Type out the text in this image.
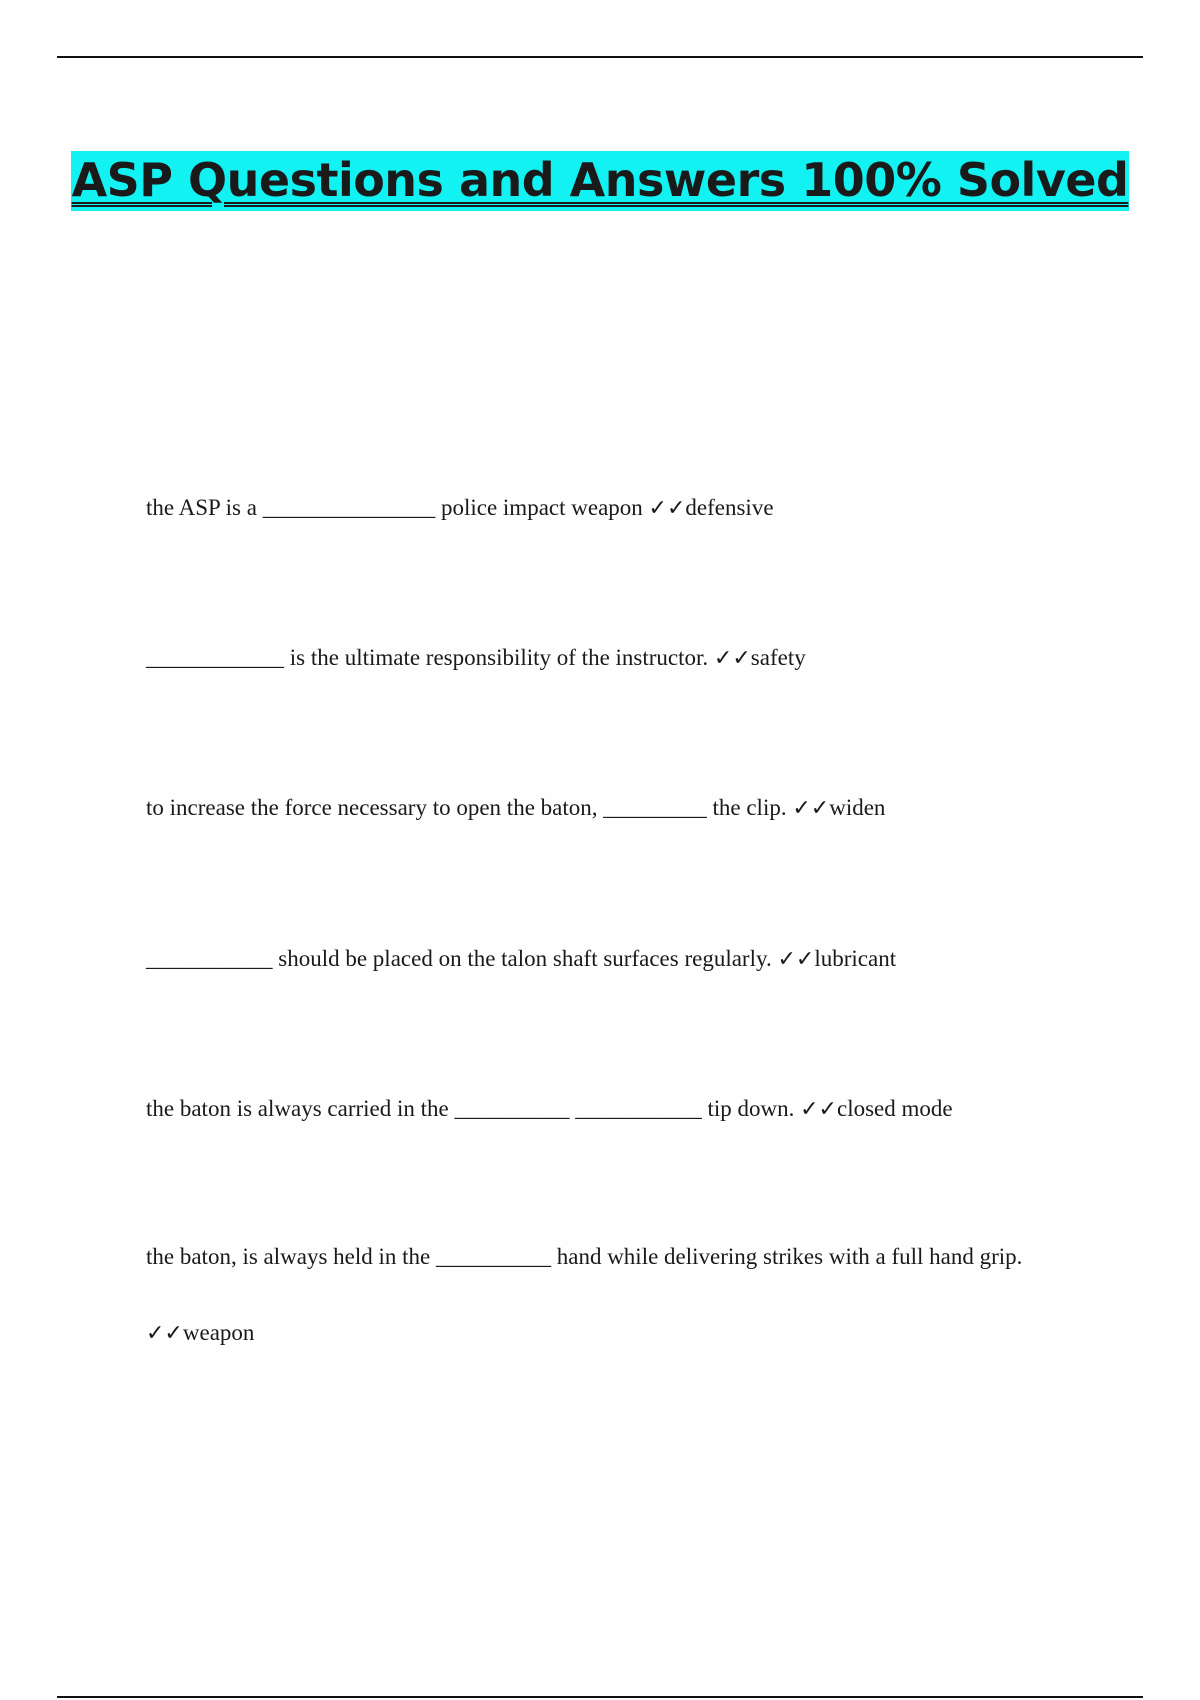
ASP Questions and Answers 100% Solved

the ASP is a _______________ police impact weapon ✓✓defensive

____________ is the ultimate responsibility of the instructor. ✓✓safety

to increase the force necessary to open the baton, _________ the clip. ✓✓widen

___________ should be placed on the talon shaft surfaces regularly. ✓✓lubricant

the baton is always carried in the __________ ___________ tip down. ✓✓closed mode

the baton, is always held in the __________ hand while delivering strikes with a full hand grip. ✓✓weapon
